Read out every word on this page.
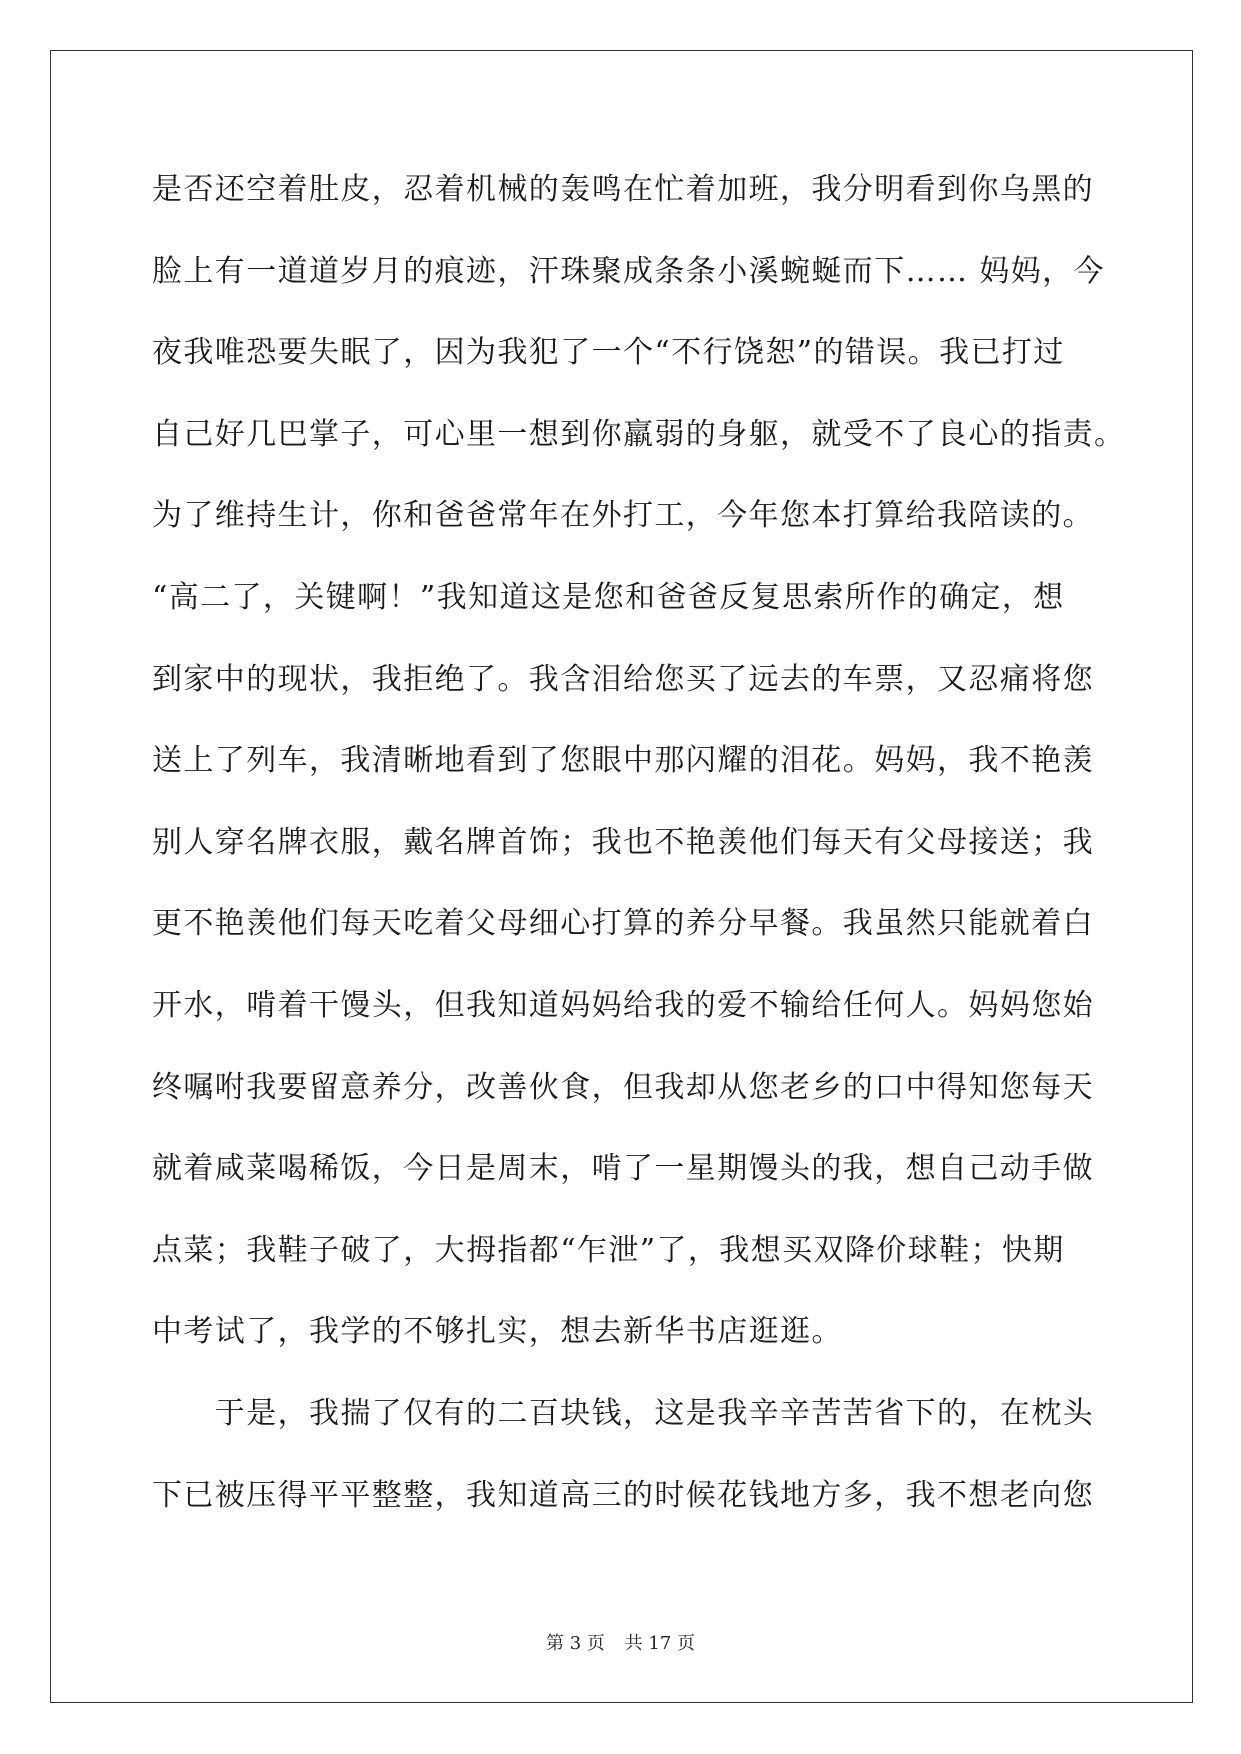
是否还空着肚皮，忍着机械的轰鸣在忙着加班，我分明看到你乌黑的
脸上有一道道岁月的痕迹，汗珠聚成条条小溪蜿蜒而下…… 妈妈，今
夜我唯恐要失眠了，因为我犯了一个“不行饶恕”的错误。我已打过
自己好几巴掌子，可心里一想到你羸弱的身躯，就受不了良心的指责。
为了维持生计，你和爸爸常年在外打工，今年您本打算给我陪读的。
“高二了，关键啊！”我知道这是您和爸爸反复思索所作的确定，想
到家中的现状，我拒绝了。我含泪给您买了远去的车票，又忍痛将您
送上了列车，我清晰地看到了您眼中那闪耀的泪花。妈妈，我不艳羡
别人穿名牌衣服，戴名牌首饰；我也不艳羡他们每天有父母接送；我
更不艳羡他们每天吃着父母细心打算的养分早餐。我虽然只能就着白
开水，啃着干馒头，但我知道妈妈给我的爱不输给任何人。妈妈您始
终嘱咐我要留意养分，改善伙食，但我却从您老乡的口中得知您每天
就着咸菜喝稀饭，今日是周末，啃了一星期馒头的我，想自己动手做
点菜；我鞋子破了，大拇指都“乍泄”了，我想买双降价球鞋；快期
中考试了，我学的不够扎实，想去新华书店逛逛。
　　于是，我揣了仅有的二百块钱，这是我辛辛苦苦省下的，在枕头
下已被压得平平整整，我知道高三的时候花钱地方多，我不想老向您
第 3 页 共 17 页
